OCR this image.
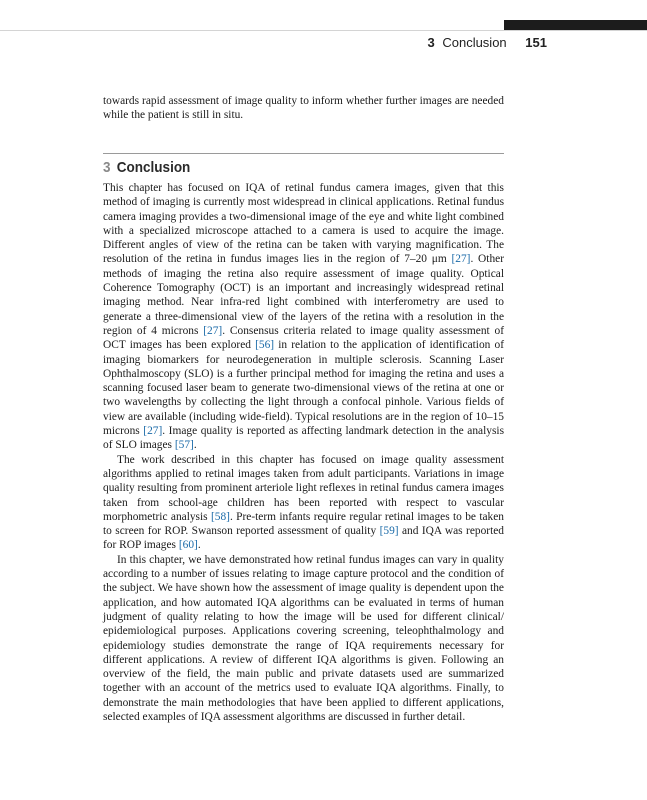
3 Conclusion 151

towards rapid assessment of image quality to inform whether further images are needed while the patient is still in situ.

3 Conclusion

This chapter has focused on IQA of retinal fundus camera images, given that this method of imaging is currently most widespread in clinical applications. Retinal fundus camera imaging provides a two-dimensional image of the eye and white light combined with a specialized microscope attached to a camera is used to acquire the image. Different angles of view of the retina can be taken with varying magnification. The resolution of the retina in fundus images lies in the region of 7–20 μm [27]. Other methods of imaging the retina also require assessment of image quality. Optical Coherence Tomography (OCT) is an important and increasingly widespread retinal imaging method. Near infra-red light combined with interferometry are used to generate a three-dimensional view of the layers of the retina with a resolution in the region of 4 microns [27]. Consensus criteria related to image quality assessment of OCT images has been explored [56] in relation to the application of identification of imaging biomarkers for neurodegeneration in multiple sclerosis. Scanning Laser Ophthalmoscopy (SLO) is a further principal method for imaging the retina and uses a scanning focused laser beam to generate two-dimensional views of the retina at one or two wavelengths by collecting the light through a confocal pinhole. Various fields of view are available (including wide-field). Typical resolutions are in the region of 10–15 microns [27]. Image quality is reported as affecting landmark detection in the analysis of SLO images [57].

The work described in this chapter has focused on image quality assessment algorithms applied to retinal images taken from adult participants. Variations in image quality resulting from prominent arteriole light reflexes in retinal fundus camera images taken from school-age children has been reported with respect to vascular morphometric analysis [58]. Pre-term infants require regular retinal images to be taken to screen for ROP. Swanson reported assessment of quality [59] and IQA was reported for ROP images [60].

In this chapter, we have demonstrated how retinal fundus images can vary in quality according to a number of issues relating to image capture protocol and the condition of the subject. We have shown how the assessment of image quality is dependent upon the application, and how automated IQA algorithms can be evaluated in terms of human judgment of quality relating to how the image will be used for different clinical/ epidemiological purposes. Applications covering screening, teleophthalmology and epidemiology studies demonstrate the range of IQA requirements necessary for different applications. A review of different IQA algorithms is given. Following an overview of the field, the main public and private datasets used are summarized together with an account of the metrics used to evaluate IQA algorithms. Finally, to demonstrate the main methodologies that have been applied to different applications, selected examples of IQA assessment algorithms are discussed in further detail.
